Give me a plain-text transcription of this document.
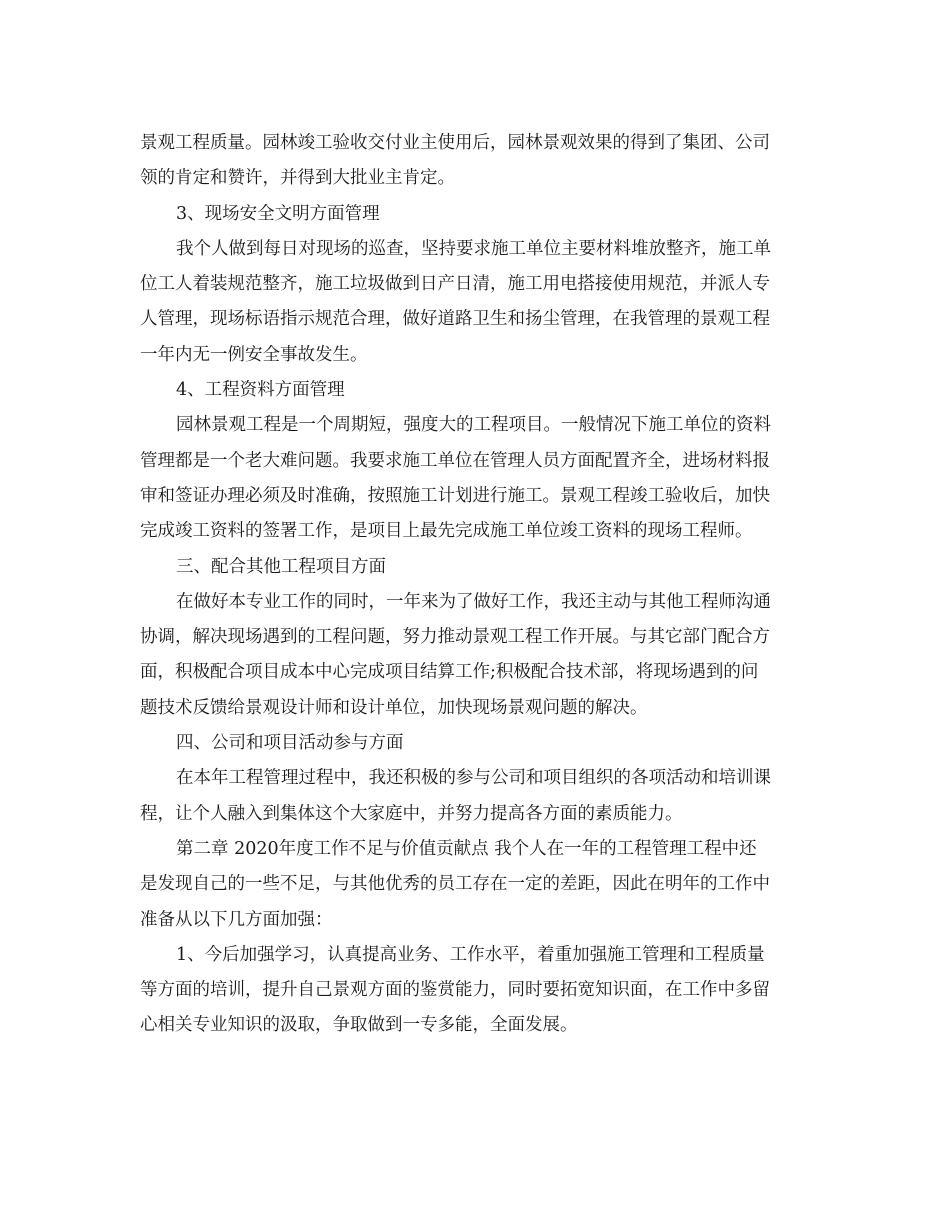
景观工程质量。园林竣工验收交付业主使用后，园林景观效果的得到了集团、公司
领的肯定和赞许，并得到大批业主肯定。
3、现场安全文明方面管理
我个人做到每日对现场的巡查，坚持要求施工单位主要材料堆放整齐，施工单
位工人着装规范整齐，施工垃圾做到日产日清，施工用电搭接使用规范，并派人专
人管理，现场标语指示规范合理，做好道路卫生和扬尘管理，在我管理的景观工程
一年内无一例安全事故发生。
4、工程资料方面管理
园林景观工程是一个周期短，强度大的工程项目。一般情况下施工单位的资料
管理都是一个老大难问题。我要求施工单位在管理人员方面配置齐全，进场材料报
审和签证办理必须及时准确，按照施工计划进行施工。景观工程竣工验收后，加快
完成竣工资料的签署工作，是项目上最先完成施工单位竣工资料的现场工程师。
三、配合其他工程项目方面
在做好本专业工作的同时，一年来为了做好工作，我还主动与其他工程师沟通
协调，解决现场遇到的工程问题，努力推动景观工程工作开展。与其它部门配合方
面，积极配合项目成本中心完成项目结算工作;积极配合技术部，将现场遇到的问
题技术反馈给景观设计师和设计单位，加快现场景观问题的解决。
四、公司和项目活动参与方面
在本年工程管理过程中，我还积极的参与公司和项目组织的各项活动和培训课
程，让个人融入到集体这个大家庭中，并努力提高各方面的素质能力。
第二章 2020年度工作不足与价值贡献点 我个人在一年的工程管理工程中还
是发现自己的一些不足，与其他优秀的员工存在一定的差距，因此在明年的工作中
准备从以下几方面加强：
1、今后加强学习，认真提高业务、工作水平，着重加强施工管理和工程质量
等方面的培训，提升自己景观方面的鉴赏能力，同时要拓宽知识面，在工作中多留
心相关专业知识的汲取，争取做到一专多能，全面发展。
